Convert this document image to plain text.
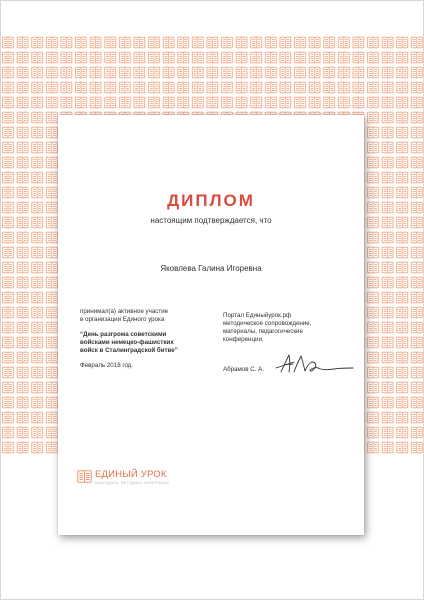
ДИПЛОМ
настоящим подтверждается, что
Яковлева Галина Игоревна
принимал(а) активное участие
в организации Единого урока
“День разгрома советскими
войсками немецко-фашистких
войск в Сталинградской битве”
Февраль 2018 год.
Портал Единыйурок.рф
методическое сопровождение,
материалы, педагогические
конференции.
Абрамов С. А.
ЕДИНЫЙ УРОК
КАЛЕНДАРЬ, МЕТОДИКА, МАТЕРИАЛЫ
